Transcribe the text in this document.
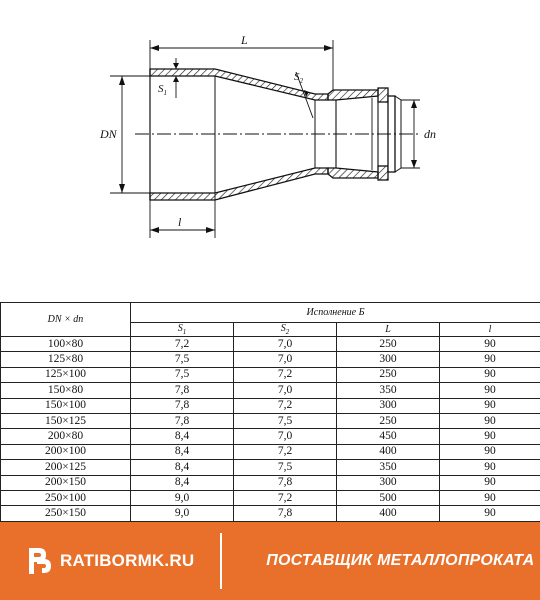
L
$S_1$
$S_2$
DN	dn
l
DN × dn	Исполнение Б			
	$S_1$	$S_2$	L	l
100×80	7,2	7,0	250	90
125×80	7,5	7,0	300	90
125×100	7,5	7,2	250	90
150×80	7,8	7,0	350	90
150×100	7,8	7,2	300	90
150×125	7,8	7,5	250	90
200×80	8,4	7,0	450	90
200×100	8,4	7,2	400	90
200×125	8,4	7,5	350	90
200×150	8,4	7,8	300	90
250×100	9,0	7,2	500	90
250×150	9,0	7,8	400	90
RATIBORMK.RU	ПОСТАВЩИК МЕТАЛЛОПРОКАТА
